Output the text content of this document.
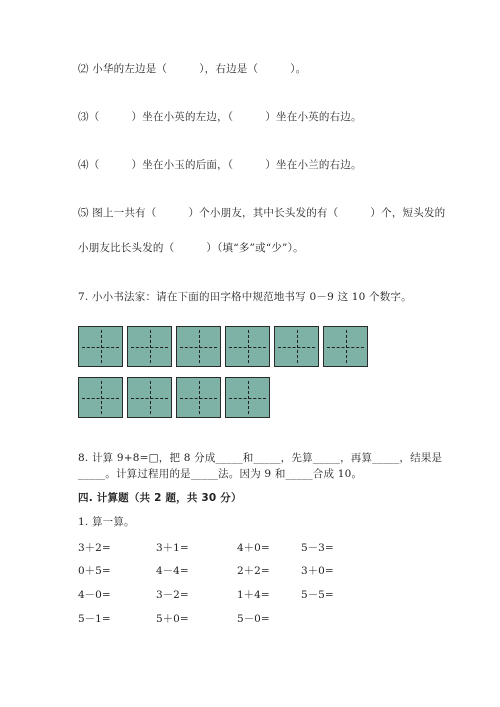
⑵ 小华的左边是（　　　），右边是（　　　）。
⑶（　　　）坐在小英的左边，（　　　）坐在小英的右边。
⑷（　　　）坐在小玉的后面，（　　　）坐在小兰的右边。
⑸ 图上一共有（　　　）个小朋友，其中长头发的有（　　　）个，短头发的
小朋友比长头发的（　　　）（填“多”或“少”）。
7. 小小书法家：请在下面的田字格中规范地书写 0－9 这 10 个数字。
8. 计算 9+8=□，把 8 分成_____和_____，先算_____，再算_____，结果是
_____。计算过程用的是_____法。因为 9 和_____合成 10。
四. 计算题（共 2 题，共 30 分）
1. 算一算。
3＋2=	3＋1=	4＋0=	5－3=
0＋5=	4－4=	2＋2=	3＋0=
4－0=	3－2=	1＋4=	5－5=
5－1=	5＋0=	5－0=
